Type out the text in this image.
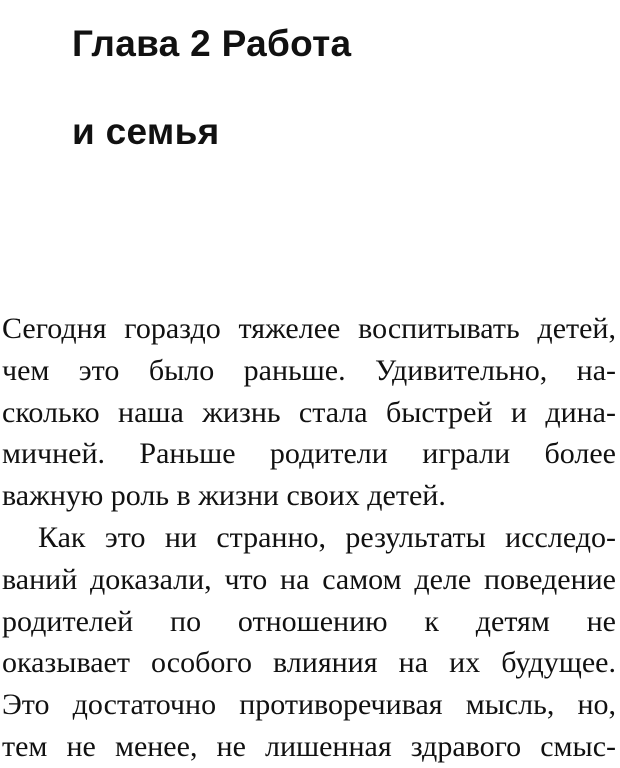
Глава 2 Работа
и семья
Сегодня гораздо тяжелее воспитывать детей,
чем это было раньше. Удивительно, на-
сколько наша жизнь стала быстрей и дина-
мичней. Раньше родители играли более
важную роль в жизни своих детей.
Как это ни странно, результаты исследо-
ваний доказали, что на самом деле поведение
родителей по отношению к детям не
оказывает особого влияния на их будущее.
Это достаточно противоречивая мысль, но,
тем не менее, не лишенная здравого смыс-
